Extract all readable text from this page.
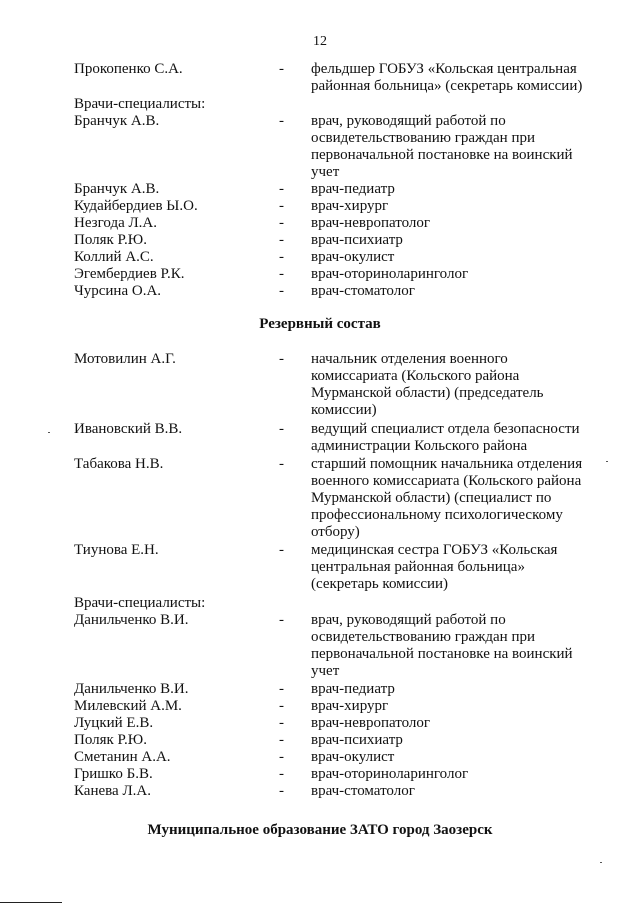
12
Прокопенко С.А.	- фельдшер ГОБУЗ «Кольская центральная
районная больница» (секретарь комиссии)
Врачи-специалисты:
Бранчук А.В.	- врач, руководящий работой по
освидетельствованию граждан при
первоначальной постановке на воинский
учет
Бранчук А.В.	- врач-педиатр
Кудайбердиев Ы.О.	- врач-хирург
Незгода Л.А.	- врач-невропатолог
Поляк Р.Ю.	- врач-психиатр
Коллий А.С.	- врач-окулист
Эгембердиев Р.К.	- врач-оториноларинголог
Чурсина О.А.	- врач-стоматолог
Резервный состав
Мотовилин А.Г.	- начальник отделения военного
комиссариата (Кольского района
Мурманской области) (председатель
комиссии)
Ивановский В.В.	- ведущий специалист отдела безопасности
администрации Кольского района
Табакова Н.В.	- старший помощник начальника отделения
военного комиссариата (Кольского района
Мурманской области) (специалист по
профессиональному психологическому
отбору)
Тиунова Е.Н.	- медицинская сестра ГОБУЗ «Кольская
центральная районная больница»
(секретарь комиссии)
Врачи-специалисты:
Данильченко В.И.	- врач, руководящий работой по
освидетельствованию граждан при
первоначальной постановке на воинский
учет
Данильченко В.И.	- врач-педиатр
Милевский А.М.	- врач-хирург
Луцкий Е.В.	- врач-невропатолог
Поляк Р.Ю.	- врач-психиатр
Сметанин А.А.	- врач-окулист
Гришко Б.В.	- врач-оториноларинголог
Канева Л.А.	- врач-стоматолог
Муниципальное образование ЗАТО город Заозерск
